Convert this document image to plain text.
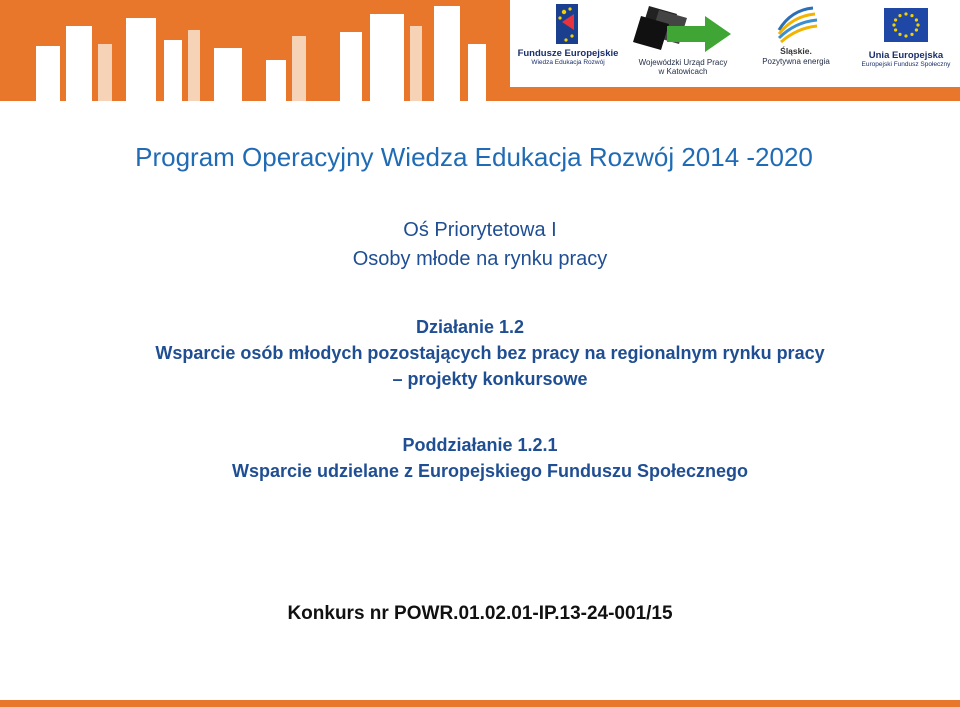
Fundusze Europejskie
Wiedza Edukacja Rozwój	Wojewódzki Urząd Pracy
w Katowicach
Śląskie.
Pozytywna energia
Unia Europejska
Europejski Fundusz Społeczny
Program Operacyjny Wiedza Edukacja Rozwój 2014 -2020
Oś Priorytetowa I
Osoby młode na rynku pracy
Działanie 1.2
Wsparcie osób młodych pozostających bez pracy na regionalnym rynku pracy
– projekty konkursowe
Poddziałanie 1.2.1
Wsparcie udzielane z Europejskiego Funduszu Społecznego
Konkurs nr POWR.01.02.01-IP.13-24-001/15
